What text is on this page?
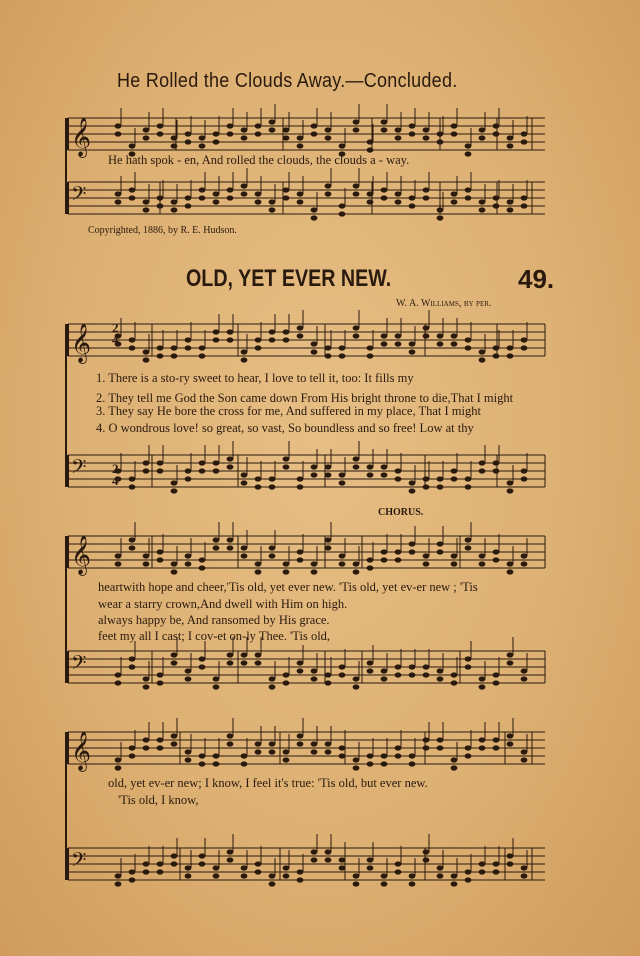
𝄞
𝄢
𝄞
𝄢
𝄞
𝄢
𝄞
𝄢
He Rolled the Clouds Away.—Concluded.
He hath spok - en, And rolled the clouds, the clouds a - way.
Copyrighted, 1886, by R. E. Hudson.
OLD, YET EVER NEW.	49.
W. A. Williams, by per.
2
4
2
4
1. There is a sto-ry sweet to hear, I love to tell it, too: It fills my
2. They tell me God the Son came down From His bright throne to die,That I might
3. They say He bore the cross for me, And suffered in my place, That I might
4. O wondrous love! so great, so vast, So boundless and so free! Low at thy
CHORUS.
heartwith hope and cheer,'Tis old, yet ever new. 'Tis old, yet ev-er new ; 'Tis
wear a starry crown,And dwell with Him on high.
always happy be, And ransomed by His grace.
feet my all I cast; I cov-et on-ly Thee. 'Tis old,
old, yet ev-er new; I know, I feel it's true: 'Tis old, but ever new.
'Tis old, I know,
